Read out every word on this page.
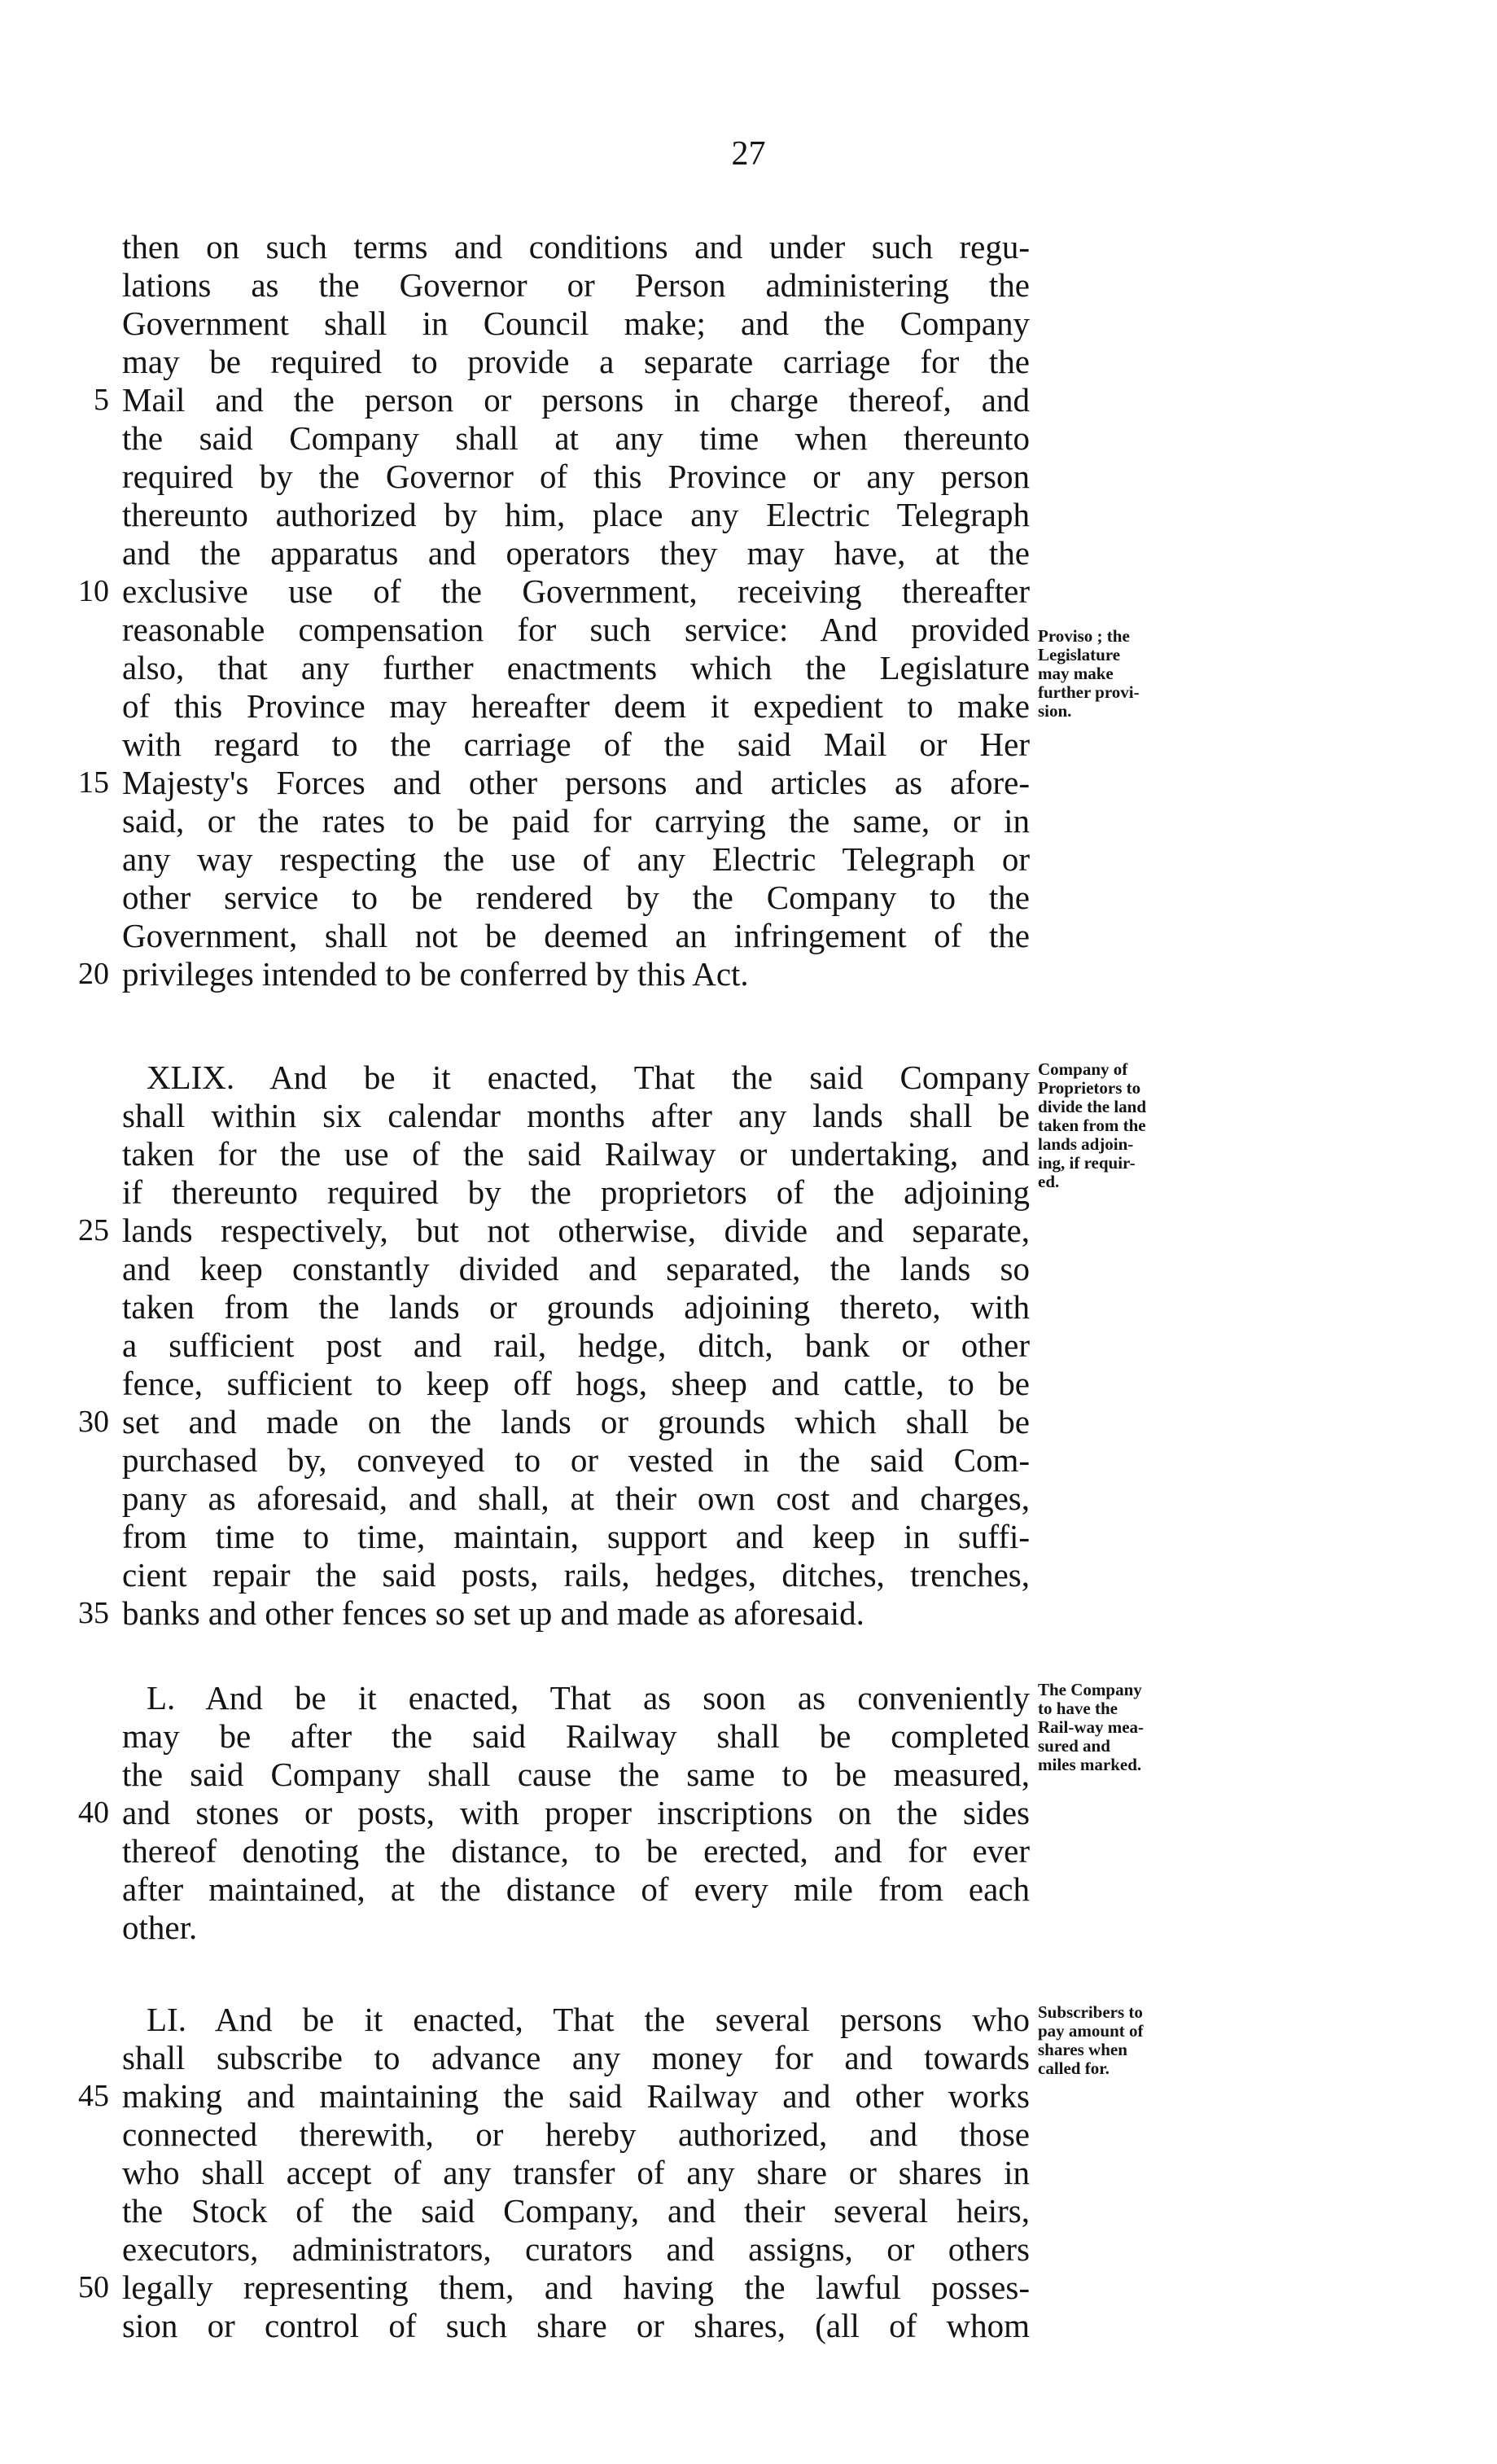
27
then on such terms and conditions and under such regu-
lations as the Governor or Person administering the
Government shall in Council make; and the Company
may be required to provide a separate carriage for the
Mail and the person or persons in charge thereof, and
the said Company shall at any time when thereunto
required by the Governor of this Province or any person
thereunto authorized by him, place any Electric Telegraph
and the apparatus and operators they may have, at the
exclusive use of the Government, receiving thereafter
reasonable compensation for such service: And provided
also, that any further enactments which the Legislature
of this Province may hereafter deem it expedient to make
with regard to the carriage of the said Mail or Her
Majesty's Forces and other persons and articles as afore-
said, or the rates to be paid for carrying the same, or in
any way respecting the use of any Electric Telegraph or
other service to be rendered by the Company to the
Government, shall not be deemed an infringement of the
privileges intended to be conferred by this Act.
XLIX. And be it enacted, That the said Company
shall within six calendar months after any lands shall be
taken for the use of the said Railway or undertaking, and
if thereunto required by the proprietors of the adjoining
lands respectively, but not otherwise, divide and separate,
and keep constantly divided and separated, the lands so
taken from the lands or grounds adjoining thereto, with
a sufficient post and rail, hedge, ditch, bank or other
fence, sufficient to keep off hogs, sheep and cattle, to be
set and made on the lands or grounds which shall be
purchased by, conveyed to or vested in the said Com-
pany as aforesaid, and shall, at their own cost and charges,
from time to time, maintain, support and keep in suffi-
cient repair the said posts, rails, hedges, ditches, trenches,
banks and other fences so set up and made as aforesaid.
L. And be it enacted, That as soon as conveniently
may be after the said Railway shall be completed
the said Company shall cause the same to be measured,
and stones or posts, with proper inscriptions on the sides
thereof denoting the distance, to be erected, and for ever
after maintained, at the distance of every mile from each
other.
LI. And be it enacted, That the several persons who
shall subscribe to advance any money for and towards
making and maintaining the said Railway and other works
connected therewith, or hereby authorized, and those
who shall accept of any transfer of any share or shares in
the Stock of the said Company, and their several heirs,
executors, administrators, curators and assigns, or others
legally representing them, and having the lawful posses-
sion or control of such share or shares, (all of whom
5
10
15
20
25
30
35
40
45
50
Proviso ; the
Legislature
may make
further provi-
sion.
Company of
Proprietors to
divide the land
taken from the
lands adjoin-
ing, if requir-
ed.
The Company
to have the
Rail-way mea-
sured and
miles marked.
Subscribers to
pay amount of
shares when
called for.
